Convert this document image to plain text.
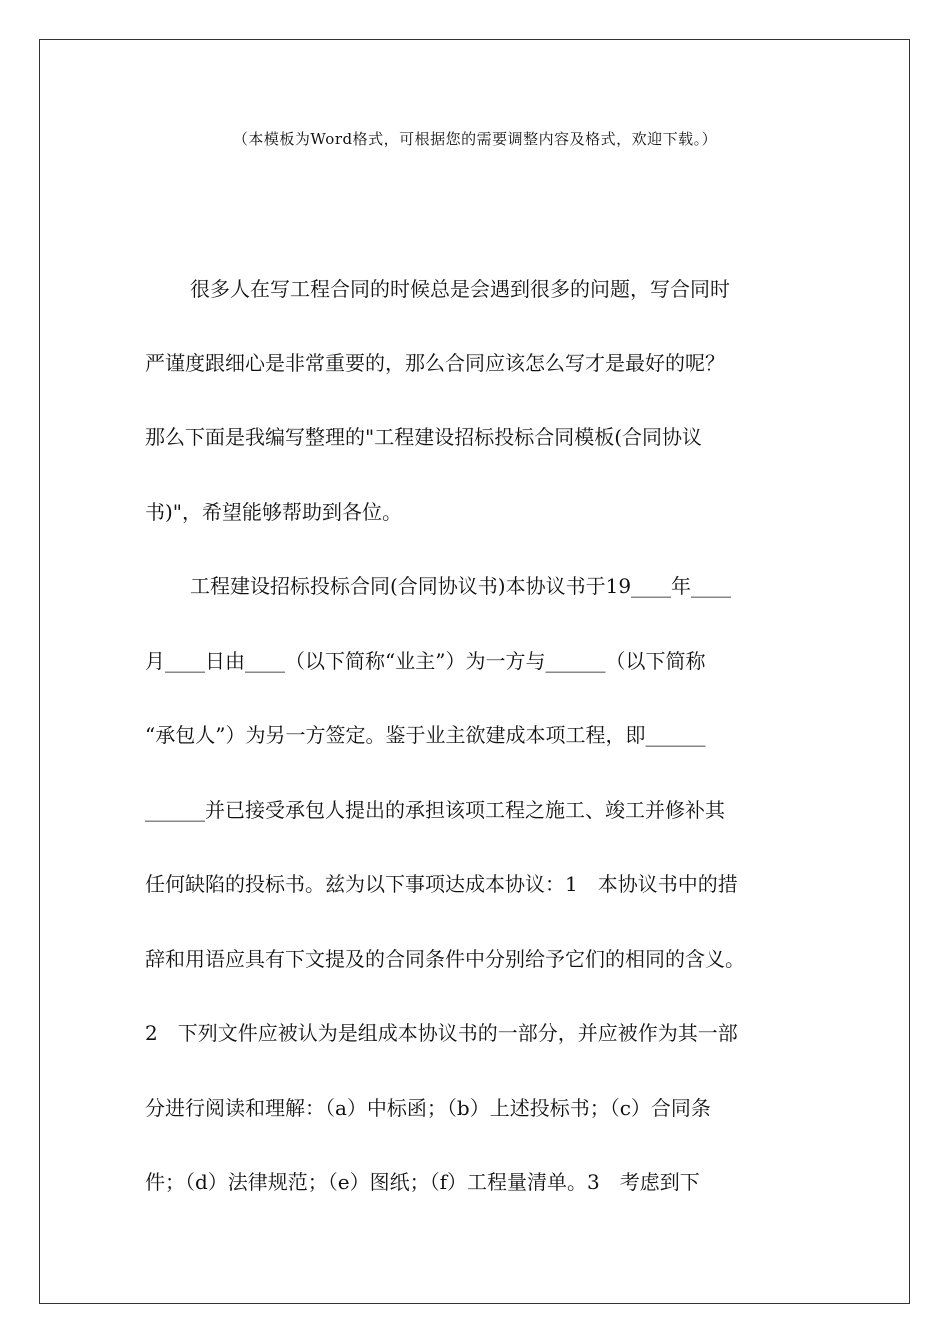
（本模板为Word格式，可根据您的需要调整内容及格式，欢迎下载。）
很多人在写工程合同的时候总是会遇到很多的问题，写合同时
严谨度跟细心是非常重要的，那么合同应该怎么写才是最好的呢？
那么下面是我编写整理的"工程建设招标投标合同模板(合同协议
书)"，希望能够帮助到各位。
工程建设招标投标合同(合同协议书)本协议书于19____年____
月____日由____（以下简称“业主”）为一方与______（以下简称
“承包人”）为另一方签定。鉴于业主欲建成本项工程，即______
______并已接受承包人提出的承担该项工程之施工、竣工并修补其
任何缺陷的投标书。兹为以下事项达成本协议：1　本协议书中的措
辞和用语应具有下文提及的合同条件中分别给予它们的相同的含义。
2　下列文件应被认为是组成本协议书的一部分，并应被作为其一部
分进行阅读和理解：（a）中标函；（b）上述投标书；（c）合同条
件；（d）法律规范；（e）图纸；（f）工程量清单。3　考虑到下
